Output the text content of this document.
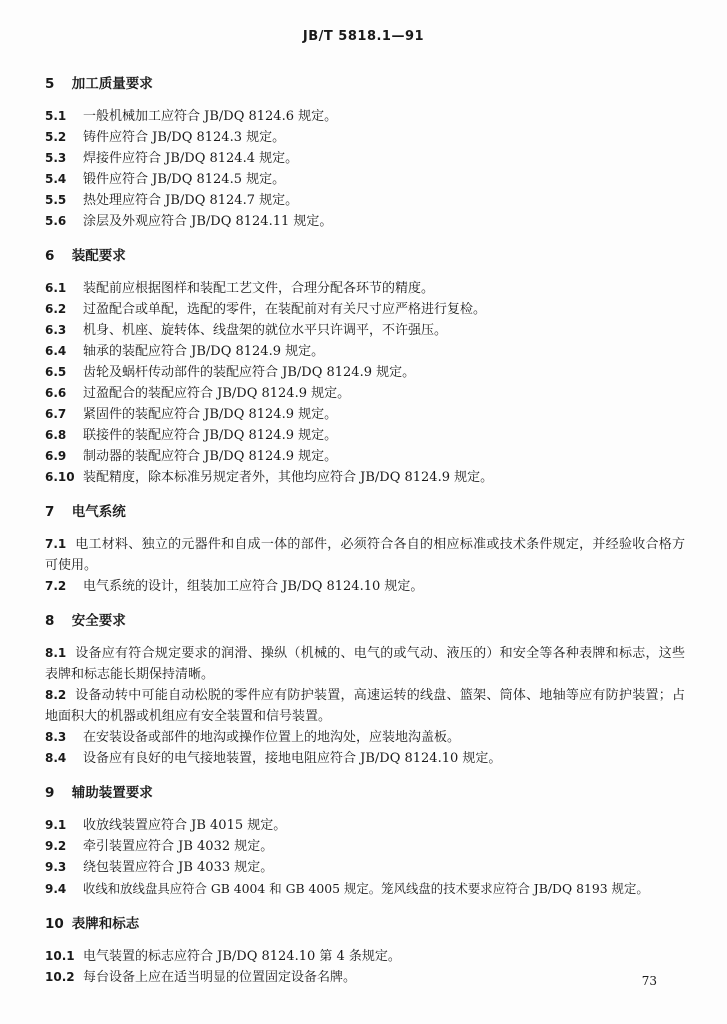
JB/T 5818.1—91

5 加工质量要求

5.1 一般机械加工应符合 JB/DQ 8124.6 规定。

5.2 铸件应符合 JB/DQ 8124.3 规定。

5.3 焊接件应符合 JB/DQ 8124.4 规定。

5.4 锻件应符合 JB/DQ 8124.5 规定。

5.5 热处理应符合 JB/DQ 8124.7 规定。

5.6 涂层及外观应符合 JB/DQ 8124.11 规定。

6 装配要求

6.1 装配前应根据图样和装配工艺文件，合理分配各环节的精度。

6.2 过盈配合或单配，选配的零件，在装配前对有关尺寸应严格进行复检。

6.3 机身、机座、旋转体、线盘架的就位水平只许调平，不许强压。

6.4 轴承的装配应符合 JB/DQ 8124.9 规定。

6.5 齿轮及蜗杆传动部件的装配应符合 JB/DQ 8124.9 规定。

6.6 过盈配合的装配应符合 JB/DQ 8124.9 规定。

6.7 紧固件的装配应符合 JB/DQ 8124.9 规定。

6.8 联接件的装配应符合 JB/DQ 8124.9 规定。

6.9 制动器的装配应符合 JB/DQ 8124.9 规定。

6.10 装配精度，除本标准另规定者外，其他均应符合 JB/DQ 8124.9 规定。

7 电气系统

7.1 电工材料、独立的元器件和自成一体的部件，必须符合各自的相应标准或技术条件规定，并经验收合格方可使用。

7.2 电气系统的设计，组装加工应符合 JB/DQ 8124.10 规定。

8 安全要求

8.1 设备应有符合规定要求的润滑、操纵（机械的、电气的或气动、液压的）和安全等各种表牌和标志，这些表牌和标志能长期保持清晰。

8.2 设备动转中可能自动松脱的零件应有防护装置，高速运转的线盘、篮架、筒体、地轴等应有防护装置；占地面积大的机器或机组应有安全装置和信号装置。

8.3 在安装设备或部件的地沟或操作位置上的地沟处，应装地沟盖板。

8.4 设备应有良好的电气接地装置，接地电阻应符合 JB/DQ 8124.10 规定。

9 辅助装置要求

9.1 收放线装置应符合 JB 4015 规定。

9.2 牵引装置应符合 JB 4032 规定。

9.3 绕包装置应符合 JB 4033 规定。

9.4 收线和放线盘具应符合 GB 4004 和 GB 4005 规定。笼风线盘的技术要求应符合 JB/DQ 8193 规定。

10 表牌和标志

10.1 电气装置的标志应符合 JB/DQ 8124.10 第 4 条规定。

10.2 每台设备上应在适当明显的位置固定设备名牌。	73
